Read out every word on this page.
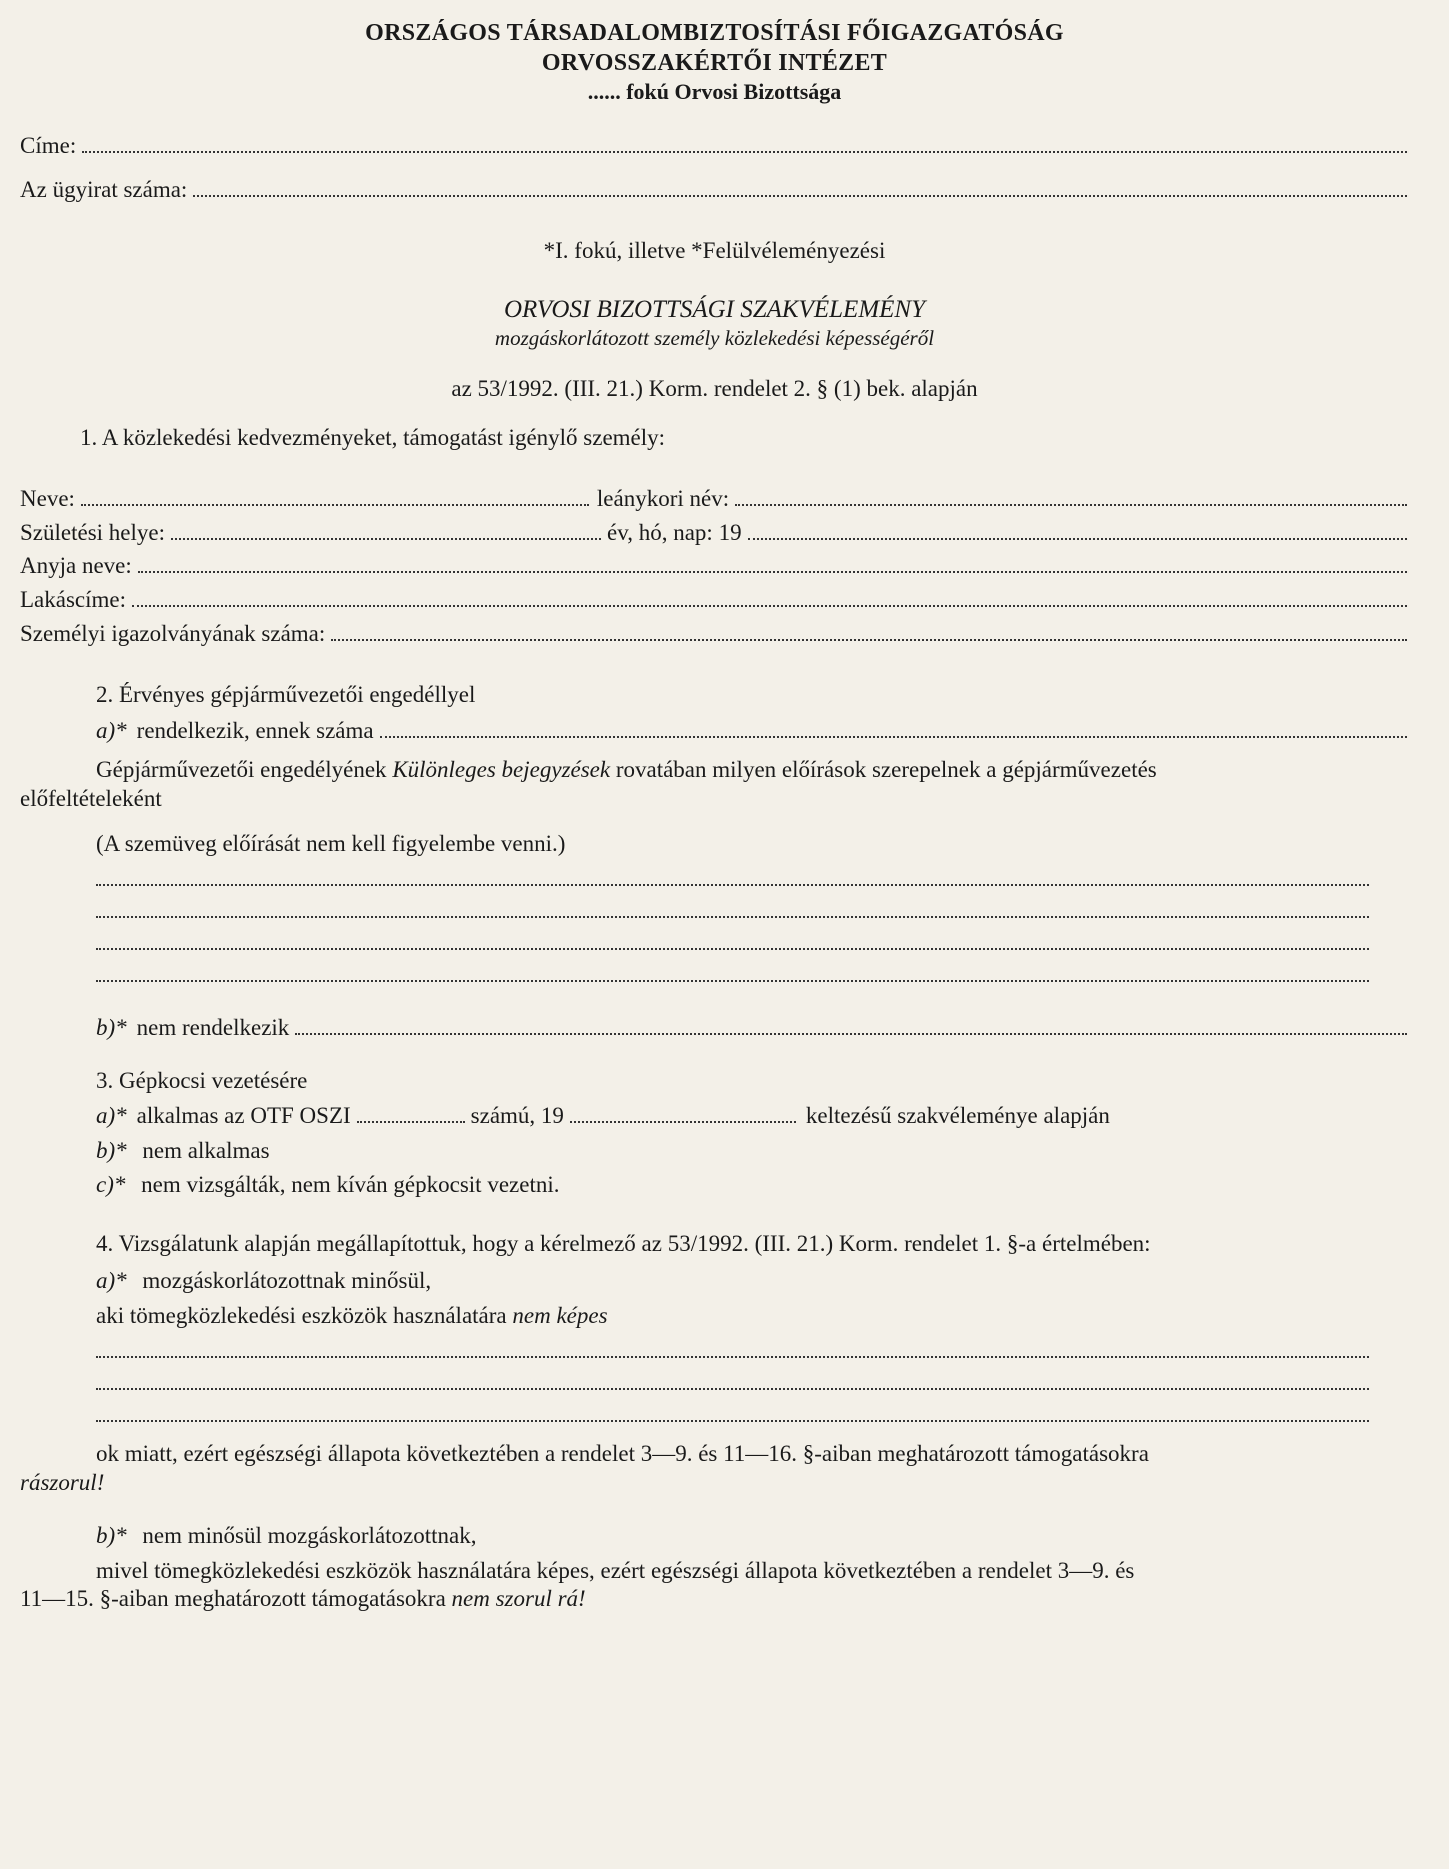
ORSZÁGOS TÁRSADALOMBIZTOSÍTÁSI FŐIGAZGATÓSÁG
ORVOSSZAKÉRTŐI INTÉZET
...... fokú Orvosi Bizottsága
Címe:
Az ügyirat száma:

*I. fokú, illetve *Felülvéleményezési

ORVOSI BIZOTTSÁGI SZAKVÉLEMÉNY

mozgáskorlátozott személy közlekedési képességéről

az 53/1992. (III. 21.) Korm. rendelet 2. § (1) bek. alapján

1. A közlekedési kedvezményeket, támogatást igénylő személy:

Neve:	leánykori név:
Születési helye:	év, hó, nap: 19
Anyja neve:
Lakáscíme:
Személyi igazolványának száma:

2. Érvényes gépjárművezetői engedéllyel

a)* rendelkezik, ennek száma

Gépjárművezetői engedélyének Különleges bejegyzések rovatában milyen előírások szerepelnek a gépjárművezetés

előfeltételeként

(A szemüveg előírását nem kell figyelembe venni.)

b)* nem rendelkezik

3. Gépkocsi vezetésére

a)* alkalmas az OTF OSZI	számú, 19	keltezésű szakvéleménye alapján

b)* nem alkalmas

c)* nem vizsgálták, nem kíván gépkocsit vezetni.

4. Vizsgálatunk alapján megállapítottuk, hogy a kérelmező az 53/1992. (III. 21.) Korm. rendelet 1. §-a értelmében:

a)* mozgáskorlátozottnak minősül,

aki tömegközlekedési eszközök használatára nem képes

ok miatt, ezért egészségi állapota következtében a rendelet 3—9. és 11—16. §-aiban meghatározott támogatásokra

rászorul!

b)* nem minősül mozgáskorlátozottnak,

mivel tömegközlekedési eszközök használatára képes, ezért egészségi állapota következtében a rendelet 3—9. és

11—15. §-aiban meghatározott támogatásokra nem szorul rá!
